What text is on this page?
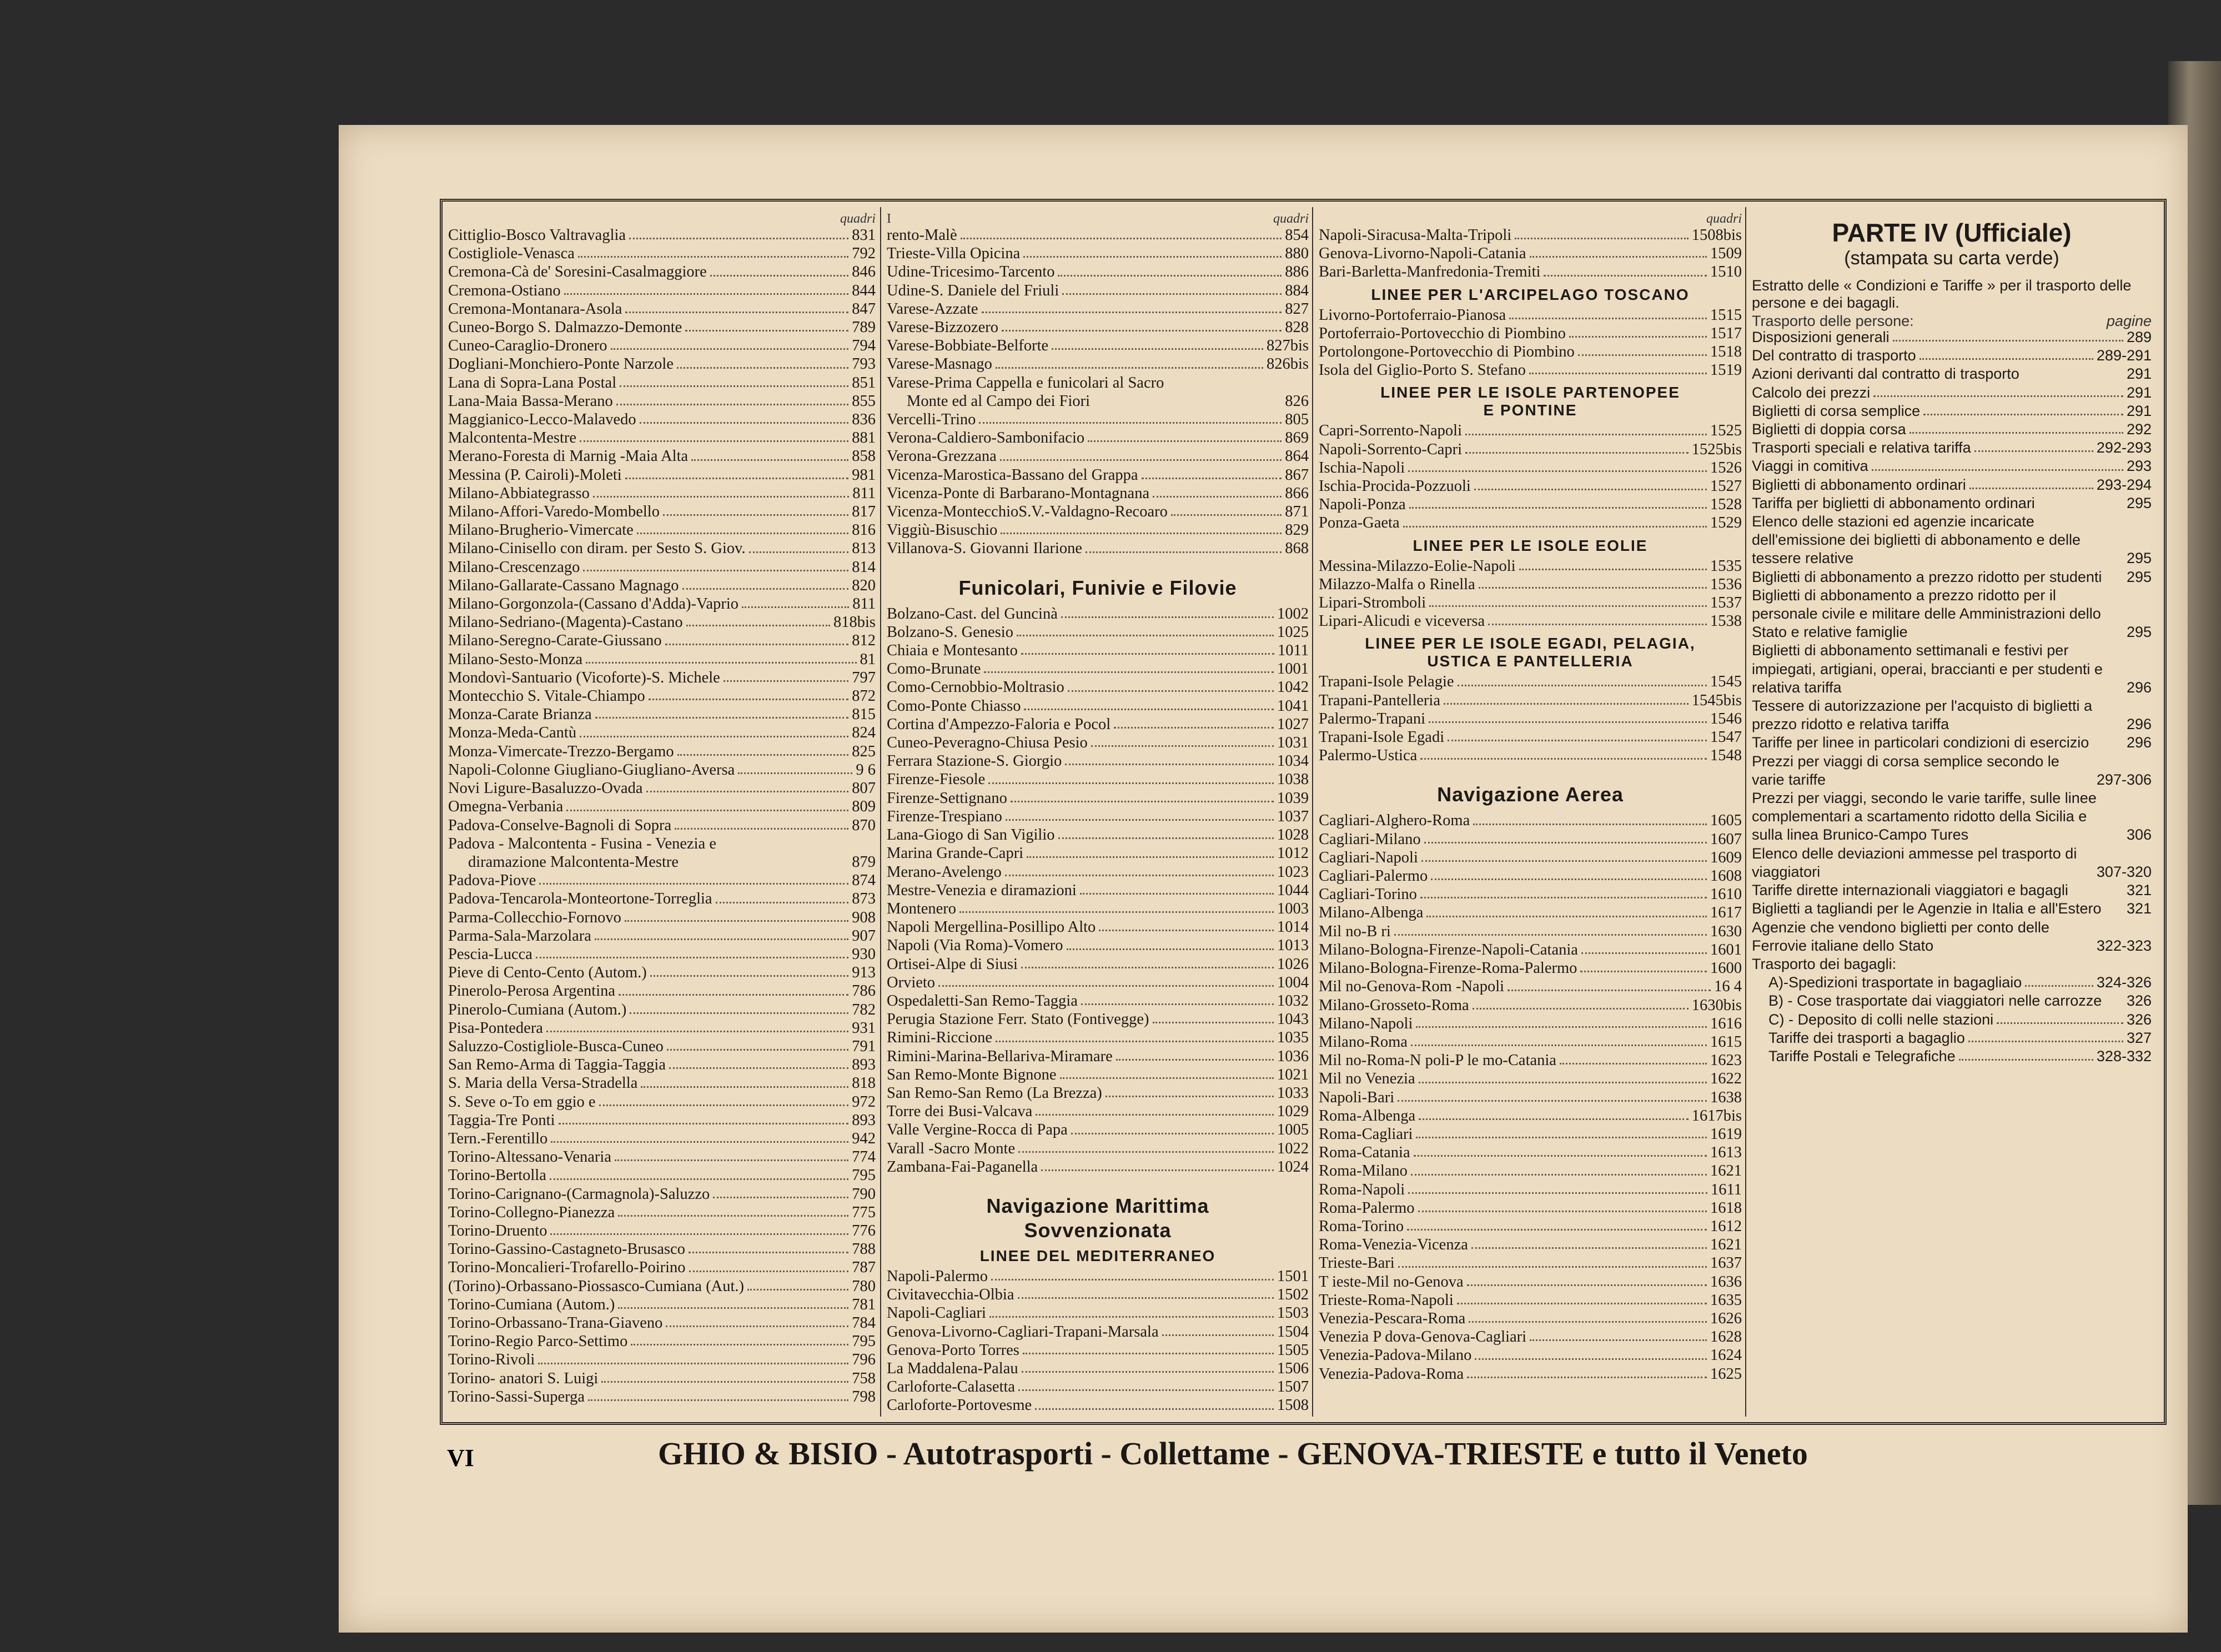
quadri
Cittiglio-Bosco Valtravaglia	831
Costigliole-Venasca	792
Cremona-Cà de' Soresini-Casalmaggiore	846
Cremona-Ostiano	844
Cremona-Montanara-Asola	847
Cuneo-Borgo S. Dalmazzo-Demonte	789
Cuneo-Caraglio-Dronero	794
Dogliani-Monchiero-Ponte Narzole	793
Lana di Sopra-Lana Postal	851
Lana-Maia Bassa-Merano	855
Maggianico-Lecco-Malavedo	836
Malcontenta-Mestre	881
Merano-Foresta di Marnig -Maia Alta	858
Messina (P. Cairoli)-Moleti	981
Milano-Abbiategrasso	811
Milano-Affori-Varedo-Mombello	817
Milano-Brugherio-Vimercate	816
Milano-Cinisello con diram. per Sesto S. Giov.	813
Milano-Crescenzago	814
Milano-Gallarate-Cassano Magnago	820
Milano-Gorgonzola-(Cassano d'Adda)-Vaprio	811
Milano-Sedriano-(Magenta)-Castano	818bis
Milano-Seregno-Carate-Giussano	812
Milano-Sesto-Monza	81
Mondovì-Santuario (Vicoforte)-S. Michele	797
Montecchio S. Vitale-Chiampo	872
Monza-Carate Brianza	815
Monza-Meda-Cantù	824
Monza-Vimercate-Trezzo-Bergamo	825
Napoli-Colonne Giugliano-Giugliano-Aversa	9 6
Novi Ligure-Basaluzzo-Ovada	807
Omegna-Verbania	809
Padova-Conselve-Bagnoli di Sopra	870
Padova - Malcontenta - Fusina - Venezia e
diramazione Malcontenta-Mestre	879
Padova-Piove	874
Padova-Tencarola-Monteortone-Torreglia	873
Parma-Collecchio-Fornovo	908
Parma-Sala-Marzolara	907
Pescia-Lucca	930
Pieve di Cento-Cento (Autom.)	913
Pinerolo-Perosa Argentina	786
Pinerolo-Cumiana (Autom.)	782
Pisa-Pontedera	931
Saluzzo-Costigliole-Busca-Cuneo	791
San Remo-Arma di Taggia-Taggia	893
S. Maria della Versa-Stradella	818
S. Seve o-To em ggio e	972
Taggia-Tre Ponti	893
Tern.-Ferentillo	942
Torino-Altessano-Venaria	774
Torino-Bertolla	795
Torino-Carignano-(Carmagnola)-Saluzzo	790
Torino-Collegno-Pianezza	775
Torino-Druento	776
Torino-Gassino-Castagneto-Brusasco	788
Torino-Moncalieri-Trofarello-Poirino	787
(Torino)-Orbassano-Piossasco-Cumiana (Aut.)	780
Torino-Cumiana (Autom.)	781
Torino-Orbassano-Trana-Giaveno	784
Torino-Regio Parco-Settimo	795
Torino-Rivoli	796
Torino- anatori S. Luigi	758
Torino-Sassi-Superga	798
I	quadri
rento-Malè	854
Trieste-Villa Opicina	880
Udine-Tricesimo-Tarcento	886
Udine-S. Daniele del Friuli	884
Varese-Azzate	827
Varese-Bizzozero	828
Varese-Bobbiate-Belforte	827bis
Varese-Masnago	826bis
Varese-Prima Cappella e funicolari al Sacro
Monte ed al Campo dei Fiori	826
Vercelli-Trino	805
Verona-Caldiero-Sambonifacio	869
Verona-Grezzana	864
Vicenza-Marostica-Bassano del Grappa	867
Vicenza-Ponte di Barbarano-Montagnana	866
Vicenza-MontecchioS.V.-Valdagno-Recoaro	871
Viggiù-Bisuschio	829
Villanova-S. Giovanni Ilarione	868
Funicolari, Funivie e Filovie
Bolzano-Cast. del Guncinà	1002
Bolzano-S. Genesio	1025
Chiaia e Montesanto	1011
Como-Brunate	1001
Como-Cernobbio-Moltrasio	1042
Como-Ponte Chiasso	1041
Cortina d'Ampezzo-Faloria e Pocol	1027
Cuneo-Peveragno-Chiusa Pesio	1031
Ferrara Stazione-S. Giorgio	1034
Firenze-Fiesole	1038
Firenze-Settignano	1039
Firenze-Trespiano	1037
Lana-Giogo di San Vigilio	1028
Marina Grande-Capri	1012
Merano-Avelengo	1023
Mestre-Venezia e diramazioni	1044
Montenero	1003
Napoli Mergellina-Posillipo Alto	1014
Napoli (Via Roma)-Vomero	1013
Ortisei-Alpe di Siusi	1026
Orvieto	1004
Ospedaletti-San Remo-Taggia	1032
Perugia Stazione Ferr. Stato (Fontivegge)	1043
Rimini-Riccione	1035
Rimini-Marina-Bellariva-Miramare	1036
San Remo-Monte Bignone	1021
San Remo-San Remo (La Brezza)	1033
Torre dei Busi-Valcava	1029
Valle Vergine-Rocca di Papa	1005
Varall -Sacro Monte	1022
Zambana-Fai-Paganella	1024
Navigazione Marittima
Sovvenzionata
LINEE DEL MEDITERRANEO
Napoli-Palermo	1501
Civitavecchia-Olbia	1502
Napoli-Cagliari	1503
Genova-Livorno-Cagliari-Trapani-Marsala	1504
Genova-Porto Torres	1505
La Maddalena-Palau	1506
Carloforte-Calasetta	1507
Carloforte-Portovesme	1508
quadri
Napoli-Siracusa-Malta-Tripoli	1508bis
Genova-Livorno-Napoli-Catania	1509
Bari-Barletta-Manfredonia-Tremiti	1510
LINEE PER L'ARCIPELAGO TOSCANO
Livorno-Portoferraio-Pianosa	1515
Portoferraio-Portovecchio di Piombino	1517
Portolongone-Portovecchio di Piombino	1518
Isola del Giglio-Porto S. Stefano	1519
LINEE PER LE ISOLE PARTENOPEE
E PONTINE
Capri-Sorrento-Napoli	1525
Napoli-Sorrento-Capri	1525bis
Ischia-Napoli	1526
Ischia-Procida-Pozzuoli	1527
Napoli-Ponza	1528
Ponza-Gaeta	1529
LINEE PER LE ISOLE EOLIE
Messina-Milazzo-Eolie-Napoli	1535
Milazzo-Malfa o Rinella	1536
Lipari-Stromboli	1537
Lipari-Alicudi e viceversa	1538
LINEE PER LE ISOLE EGADI, PELAGIA,
USTICA E PANTELLERIA
Trapani-Isole Pelagie	1545
Trapani-Pantelleria	1545bis
Palermo-Trapani	1546
Trapani-Isole Egadi	1547
Palermo-Ustica	1548
Navigazione Aerea
Cagliari-Alghero-Roma	1605
Cagliari-Milano	1607
Cagliari-Napoli	1609
Cagliari-Palermo	1608
Cagliari-Torino	1610
Milano-Albenga	1617
Mil no-B ri	1630
Milano-Bologna-Firenze-Napoli-Catania	1601
Milano-Bologna-Firenze-Roma-Palermo	1600
Mil no-Genova-Rom -Napoli	16 4
Milano-Grosseto-Roma	1630bis
Milano-Napoli	1616
Milano-Roma	1615
Mil no-Roma-N poli-P le mo-Catania	1623
Mil no Venezia	1622
Napoli-Bari	1638
Roma-Albenga	1617bis
Roma-Cagliari	1619
Roma-Catania	1613
Roma-Milano	1621
Roma-Napoli	1611
Roma-Palermo	1618
Roma-Torino	1612
Roma-Venezia-Vicenza	1621
Trieste-Bari	1637
T ieste-Mil no-Genova	1636
Trieste-Roma-Napoli	1635
Venezia-Pescara-Roma	1626
Venezia P dova-Genova-Cagliari	1628
Venezia-Padova-Milano	1624
Venezia-Padova-Roma	1625
PARTE IV (Ufficiale)
(stampata su carta verde)
Estratto delle « Condizioni e Tariffe » per il trasporto delle persone e dei bagagli.
Trasporto delle persone:	pagine
Disposizioni generali	289
Del contratto di trasporto	289-291
Azioni derivanti dal contratto di trasporto	291
Calcolo dei prezzi	291
Biglietti di corsa semplice	291
Biglietti di doppia corsa	292
Trasporti speciali e relativa tariffa	292-293
Viaggi in comitiva	293
Biglietti di abbonamento ordinari	293-294
Tariffa per biglietti di abbonamento ordinari	295
Elenco delle stazioni ed agenzie incaricate dell'emissione dei biglietti di abbonamento e delle tessere relative	295
Biglietti di abbonamento a prezzo ridotto per studenti	295
Biglietti di abbonamento a prezzo ridotto per il personale civile e militare delle Amministrazioni dello Stato e relative famiglie	295
Biglietti di abbonamento settimanali e festivi per impiegati, artigiani, operai, braccianti e per studenti e relativa tariffa	296
Tessere di autorizzazione per l'acquisto di biglietti a prezzo ridotto e relativa tariffa	296
Tariffe per linee in particolari condizioni di esercizio	296
Prezzi per viaggi di corsa semplice secondo le varie tariffe	297-306
Prezzi per viaggi, secondo le varie tariffe, sulle linee complementari a scartamento ridotto della Sicilia e sulla linea Brunico-Campo Tures	306
Elenco delle deviazioni ammesse pel trasporto di viaggiatori	307-320
Tariffe dirette internazionali viaggiatori e bagagli	321
Biglietti a tagliandi per le Agenzie in Italia e all'Estero	321
Agenzie che vendono biglietti per conto delle Ferrovie italiane dello Stato	322-323
Trasporto dei bagagli:
A)-Spedizioni trasportate in bagagliaio	324-326
B) - Cose trasportate dai viaggiatori nelle carrozze	326
C) - Deposito di colli nelle stazioni	326
Tariffe dei trasporti a bagaglio	327
Tariffe Postali e Telegrafiche	328-332
VI	GHIO & BISIO - Autotrasporti - Collettame - GENOVA-TRIESTE e tutto il Veneto
